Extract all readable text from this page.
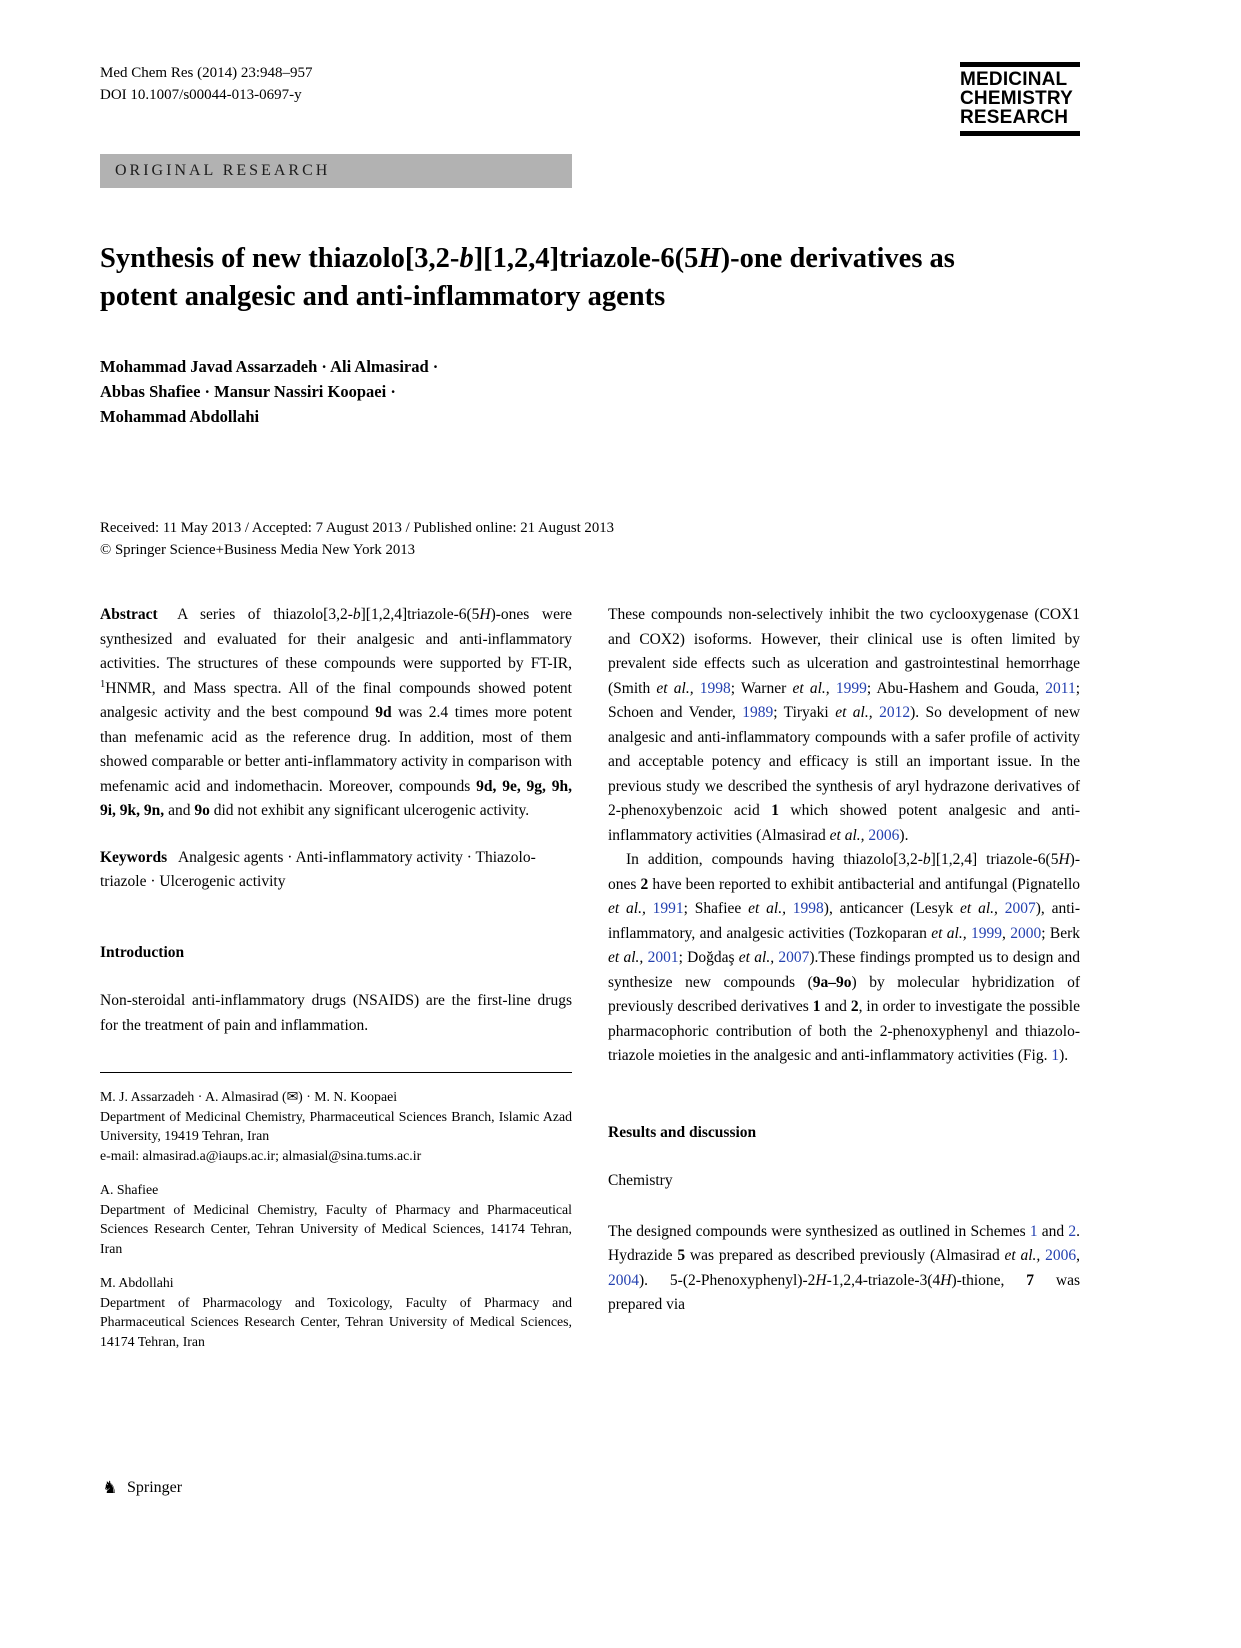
Med Chem Res (2014) 23:948–957
DOI 10.1007/s00044-013-0697-y
MEDICINAL
CHEMISTRY
RESEARCH
ORIGINAL RESEARCH
Synthesis of new thiazolo[3,2-b][1,2,4]triazole-6(5H)-one derivatives as potent analgesic and anti-inflammatory agents
Mohammad Javad Assarzadeh · Ali Almasirad ·
Abbas Shafiee · Mansur Nassiri Koopaei ·
Mohammad Abdollahi
Received: 11 May 2013 / Accepted: 7 August 2013 / Published online: 21 August 2013
© Springer Science+Business Media New York 2013

Abstract  A series of thiazolo[3,2-b][1,2,4]triazole-6(5H)-ones were synthesized and evaluated for their analgesic and anti-inflammatory activities. The structures of these compounds were supported by FT-IR, $^1$HNMR, and Mass spectra. All of the final compounds showed potent analgesic activity and the best compound 9d was 2.4 times more potent than mefenamic acid as the reference drug. In addition, most of them showed comparable or better anti-inflammatory activity in comparison with mefenamic acid and indomethacin. Moreover, compounds 9d, 9e, 9g, 9h, 9i, 9k, 9n, and 9o did not exhibit any significant ulcerogenic activity.

Keywords  Analgesic agents · Anti-inflammatory activity · Thiazolo-triazole · Ulcerogenic activity

Introduction

Non-steroidal anti-inflammatory drugs (NSAIDS) are the first-line drugs for the treatment of pain and inflammation.

M. J. Assarzadeh · A. Almasirad (✉) · M. N. Koopaei

Department of Medicinal Chemistry, Pharmaceutical Sciences Branch, Islamic Azad University, 19419 Tehran, Iran

e-mail: almasirad.a@iaups.ac.ir; almasial@sina.tums.ac.ir

A. Shafiee

Department of Medicinal Chemistry, Faculty of Pharmacy and Pharmaceutical Sciences Research Center, Tehran University of Medical Sciences, 14174 Tehran, Iran

M. Abdollahi

Department of Pharmacology and Toxicology, Faculty of Pharmacy and Pharmaceutical Sciences Research Center, Tehran University of Medical Sciences, 14174 Tehran, Iran

These compounds non-selectively inhibit the two cyclooxygenase (COX1 and COX2) isoforms. However, their clinical use is often limited by prevalent side effects such as ulceration and gastrointestinal hemorrhage (Smith et al., 1998; Warner et al., 1999; Abu-Hashem and Gouda, 2011; Schoen and Vender, 1989; Tiryaki et al., 2012). So development of new analgesic and anti-inflammatory compounds with a safer profile of activity and acceptable potency and efficacy is still an important issue. In the previous study we described the synthesis of aryl hydrazone derivatives of 2-phenoxybenzoic acid 1 which showed potent analgesic and anti-inflammatory activities (Almasirad et al., 2006).

In addition, compounds having thiazolo[3,2-b][1,2,4] triazole-6(5H)-ones 2 have been reported to exhibit antibacterial and antifungal (Pignatello et al., 1991; Shafiee et al., 1998), anticancer (Lesyk et al., 2007), anti-inflammatory, and analgesic activities (Tozkoparan et al., 1999, 2000; Berk et al., 2001; Doğdaş et al., 2007).These findings prompted us to design and synthesize new compounds (9a–9o) by molecular hybridization of previously described derivatives 1 and 2, in order to investigate the possible pharmacophoric contribution of both the 2-phenoxyphenyl and thiazolo-triazole moieties in the analgesic and anti-inflammatory activities (Fig. 1).

Results and discussion
Chemistry

The designed compounds were synthesized as outlined in Schemes 1 and 2. Hydrazide 5 was prepared as described previously (Almasirad et al., 2006, 2004). 5-(2-Phenoxyphenyl)-2H-1,2,4-triazole-3(4H)-thione, 7 was prepared via

♞ Springer
